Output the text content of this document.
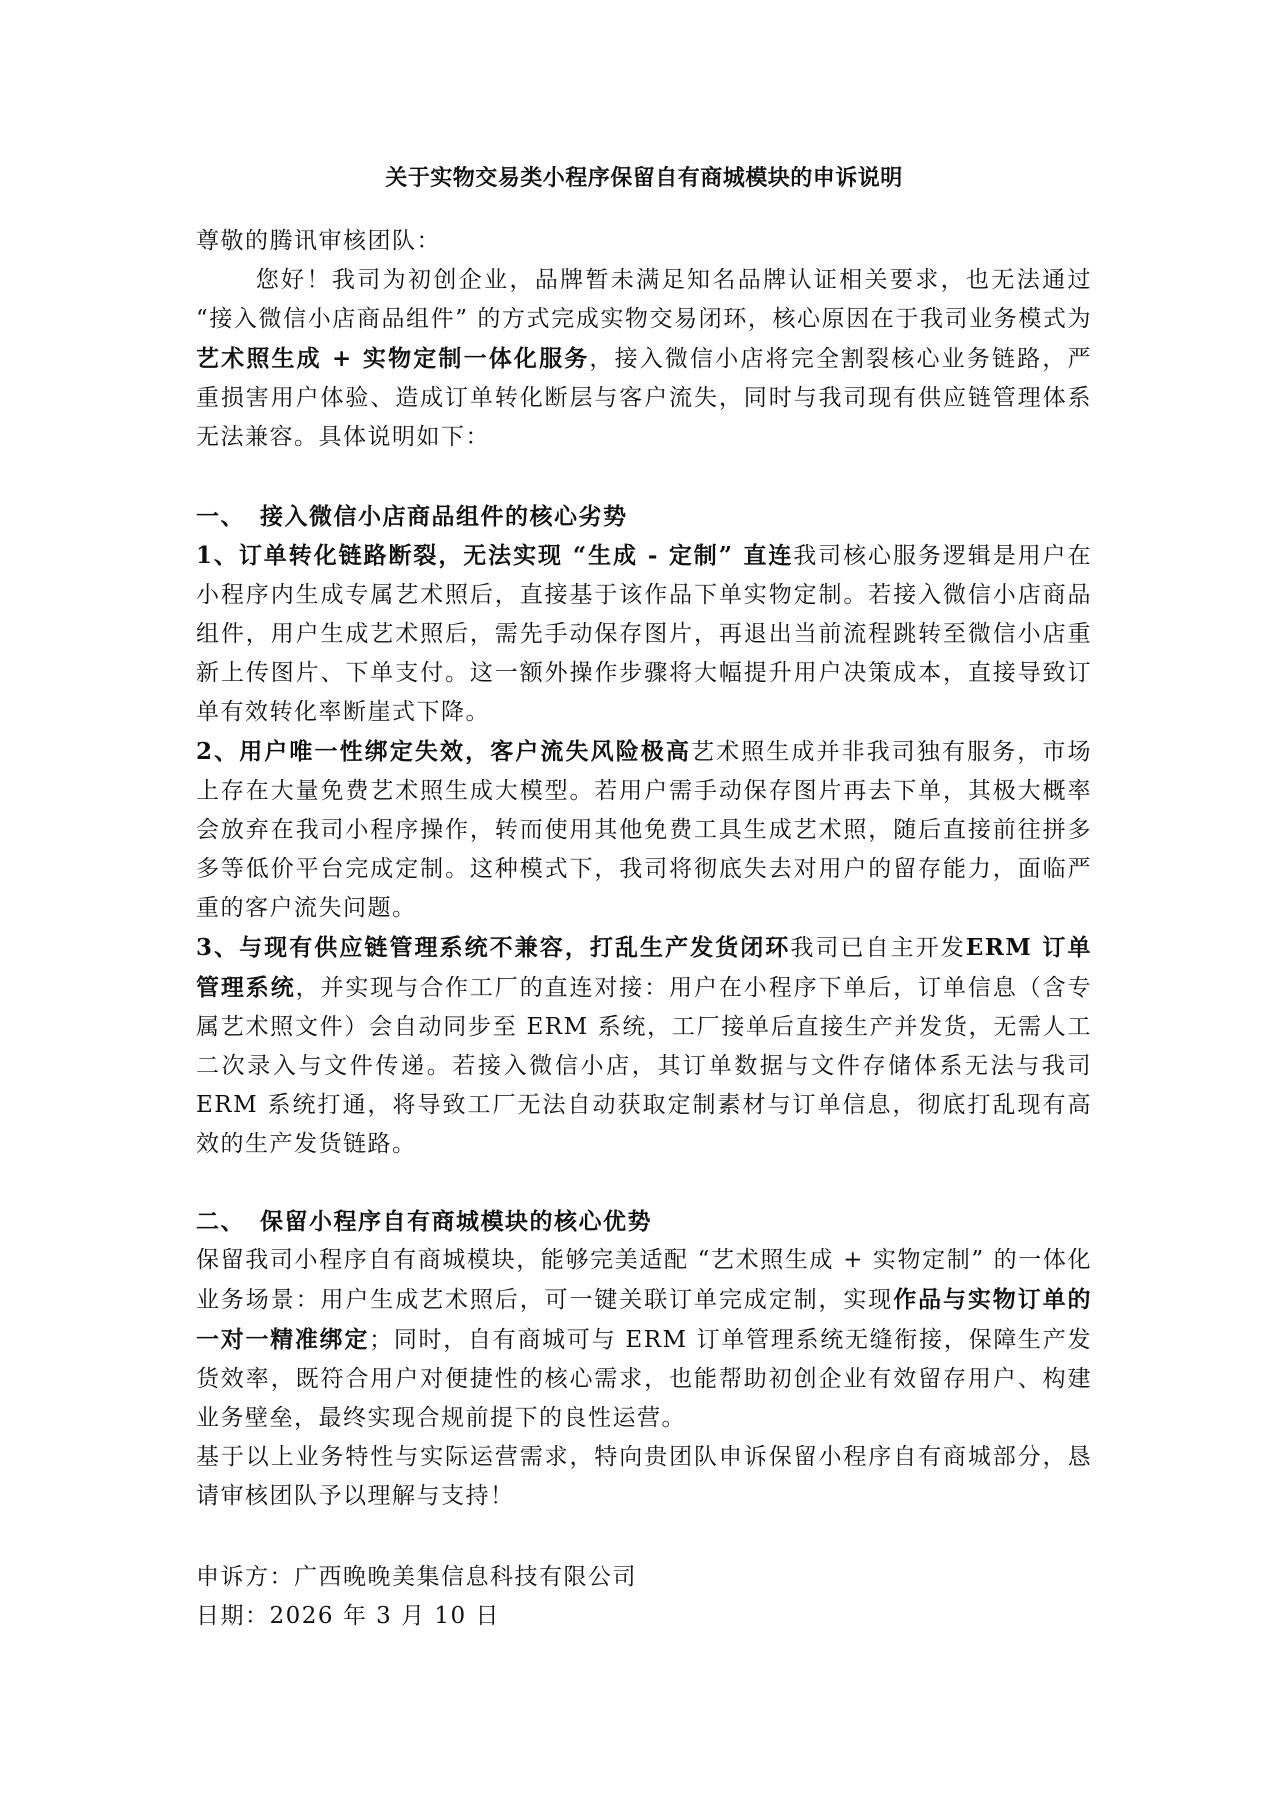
关于实物交易类小程序保留自有商城模块的申诉说明

尊敬的腾讯审核团队：

您好！我司为初创企业，品牌暂未满足知名品牌认证相关要求，也无法通过 “接入微信小店商品组件” 的方式完成实物交易闭环，核心原因在于我司业务模式为艺术照生成 + 实物定制一体化服务，接入微信小店将完全割裂核心业务链路，严重损害用户体验、造成订单转化断层与客户流失，同时与我司现有供应链管理体系无法兼容。具体说明如下：

一、 接入微信小店商品组件的核心劣势

1、订单转化链路断裂，无法实现 “生成 - 定制” 直连我司核心服务逻辑是用户在小程序内生成专属艺术照后，直接基于该作品下单实物定制。若接入微信小店商品组件，用户生成艺术照后，需先手动保存图片，再退出当前流程跳转至微信小店重新上传图片、下单支付。这一额外操作步骤将大幅提升用户决策成本，直接导致订单有效转化率断崖式下降。

2、用户唯一性绑定失效，客户流失风险极高艺术照生成并非我司独有服务，市场上存在大量免费艺术照生成大模型。若用户需手动保存图片再去下单，其极大概率会放弃在我司小程序操作，转而使用其他免费工具生成艺术照，随后直接前往拼多多等低价平台完成定制。这种模式下，我司将彻底失去对用户的留存能力，面临严重的客户流失问题。

3、与现有供应链管理系统不兼容，打乱生产发货闭环我司已自主开发ERM 订单管理系统，并实现与合作工厂的直连对接：用户在小程序下单后，订单信息（含专属艺术照文件）会自动同步至 ERM 系统，工厂接单后直接生产并发货，无需人工二次录入与文件传递。若接入微信小店，其订单数据与文件存储体系无法与我司 ERM 系统打通，将导致工厂无法自动获取定制素材与订单信息，彻底打乱现有高效的生产发货链路。

二、 保留小程序自有商城模块的核心优势

保留我司小程序自有商城模块，能够完美适配 “艺术照生成 + 实物定制” 的一体化业务场景：用户生成艺术照后，可一键关联订单完成定制，实现作品与实物订单的一对一精准绑定；同时，自有商城可与 ERM 订单管理系统无缝衔接，保障生产发货效率，既符合用户对便捷性的核心需求，也能帮助初创企业有效留存用户、构建业务壁垒，最终实现合规前提下的良性运营。

基于以上业务特性与实际运营需求，特向贵团队申诉保留小程序自有商城部分，恳请审核团队予以理解与支持！

申诉方：广西晚晚美集信息科技有限公司

日期：2026 年 3 月 10 日
